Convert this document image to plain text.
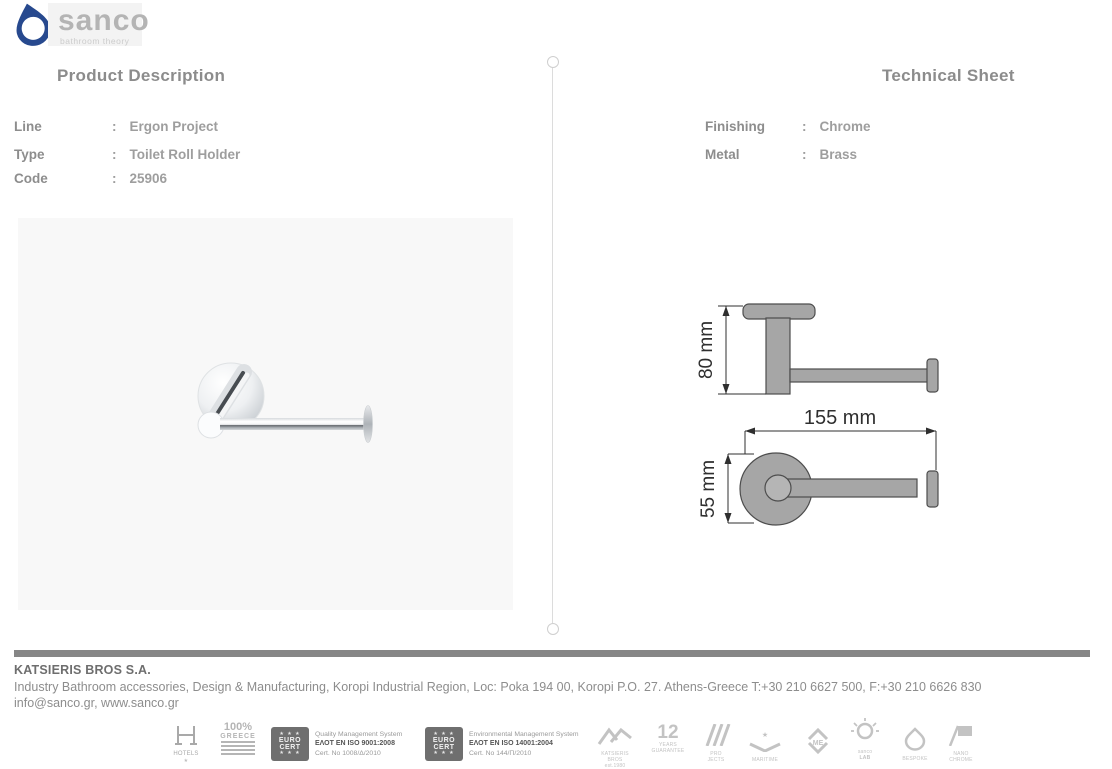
sanco
bathroom theory
Product Description
Line	: Ergon Project
Type	: Toilet Roll Holder
Code	: 25906
Technical Sheet
Finishing	: Chrome
Metal	: Brass
80 mm
155 mm
55 mm
KATSIERIS BROS S.A.
Industry Bathroom accessories, Design & Manufacturing, Koropi Industrial Region, Loc: Poka 194 00, Koropi P.O. 27. Athens-Greece T:+30 210 6627 500, F:+30 210 6626 830
info@sanco.gr, www.sanco.gr
HOTELS
★
100%
GREECE	★ ★ ★
EURO
CERT
★ ★ ★
Quality Management System
ΕΛΟΤ EN ISO 9001:2008
Cert. No 1008/Δ/2010
★ ★ ★
EURO
CERT
★ ★ ★
Environmental Management System
ΕΛΟΤ EN ISO 14001:2004
Cert. No 144/Π/2010	KATSIERIS
BROS
est.1980
12
YEARS
GUARANTEE	PRO
JECTS
★
MARITIME
ME
sanco
LAB	BESPOKE
NANO
CHROME
